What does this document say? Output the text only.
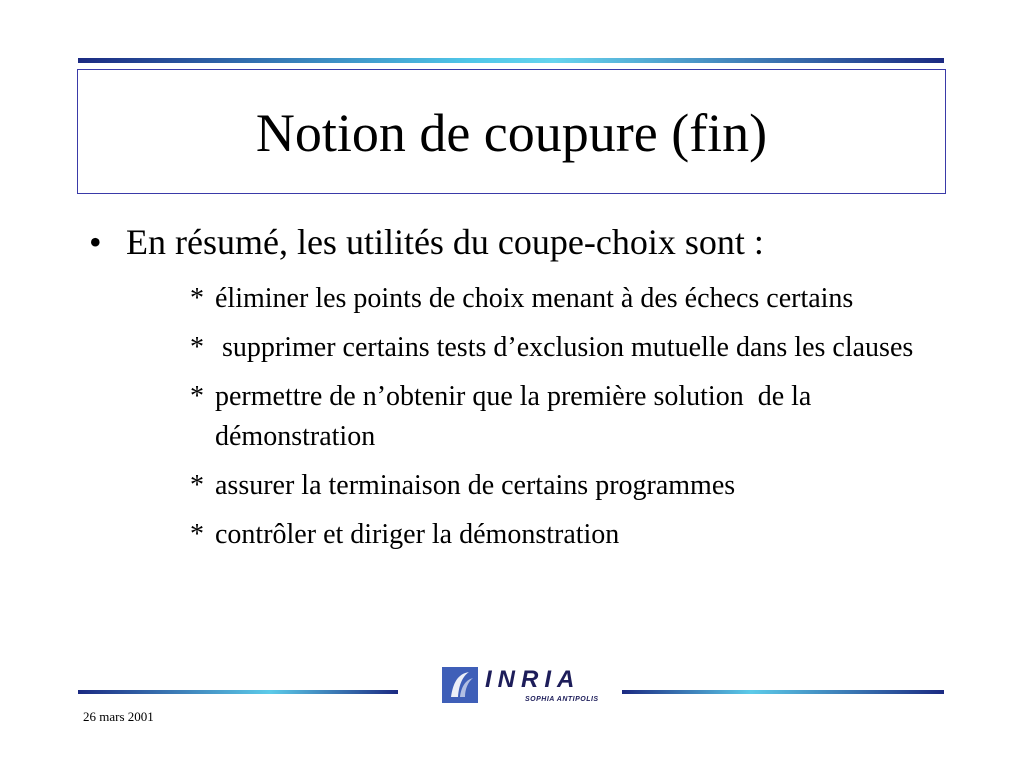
Notion de coupure (fin)
• En résumé, les utilités du coupe-choix sont :
* éliminer les points de choix menant à des échecs certains
* supprimer certains tests d’exclusion mutuelle dans les clauses
* permettre de n’obtenir que la première solution  de la démonstration
* assurer la terminaison de certains programmes
* contrôler et diriger la démonstration
INRIA
SOPHIA ANTIPOLIS
26 mars 2001
